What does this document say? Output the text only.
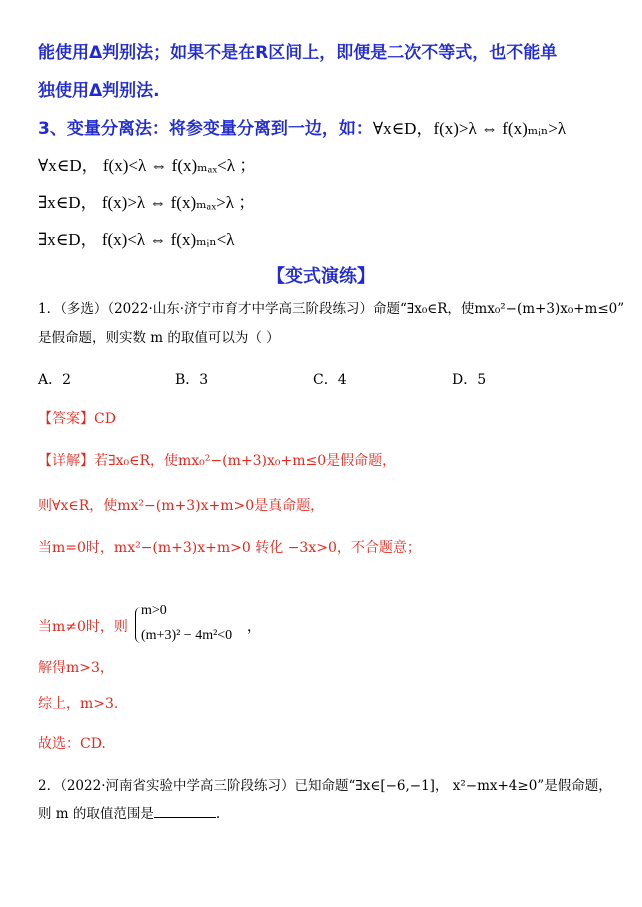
能使用Δ判别法；如果不是在R区间上，即便是二次不等式，也不能单
独使用Δ判别法.
3、变量分离法：将参变量分离到一边，如：∀x∈D，f(x)>λ ⇔ f(x)ₘᵢₙ>λ
∀x∈D， f(x)<λ ⇔ f(x)ₘₐₓ<λ ；
∃x∈D， f(x)>λ ⇔ f(x)ₘₐₓ>λ ；
∃x∈D， f(x)<λ ⇔ f(x)ₘᵢₙ<λ
【变式演练】
1．（多选）（2022·山东·济宁市育才中学高三阶段练习）命题“∃x₀∈R，使mx₀²−(m+3)x₀+m≤0”
是假命题，则实数 m 的取值可以为（ ）
A．2	B．3	C．4	D．5
【答案】CD
【详解】若∃x₀∈R，使mx₀²−(m+3)x₀+m≤0是假命题，
则∀x∈R，使mx²−(m+3)x+m>0是真命题，
当m=0时，mx²−(m+3)x+m>0 转化 −3x>0，不合题意；
当m≠0时，则
m>0
(m+3)² − 4m²<0
，
解得m>3，
综上，m>3.
故选：CD.
2．（2022·河南省实验中学高三阶段练习）已知命题“∃x∈[−6,−1]， x²−mx+4≥0”是假命题，
则 m 的取值范围是	.
